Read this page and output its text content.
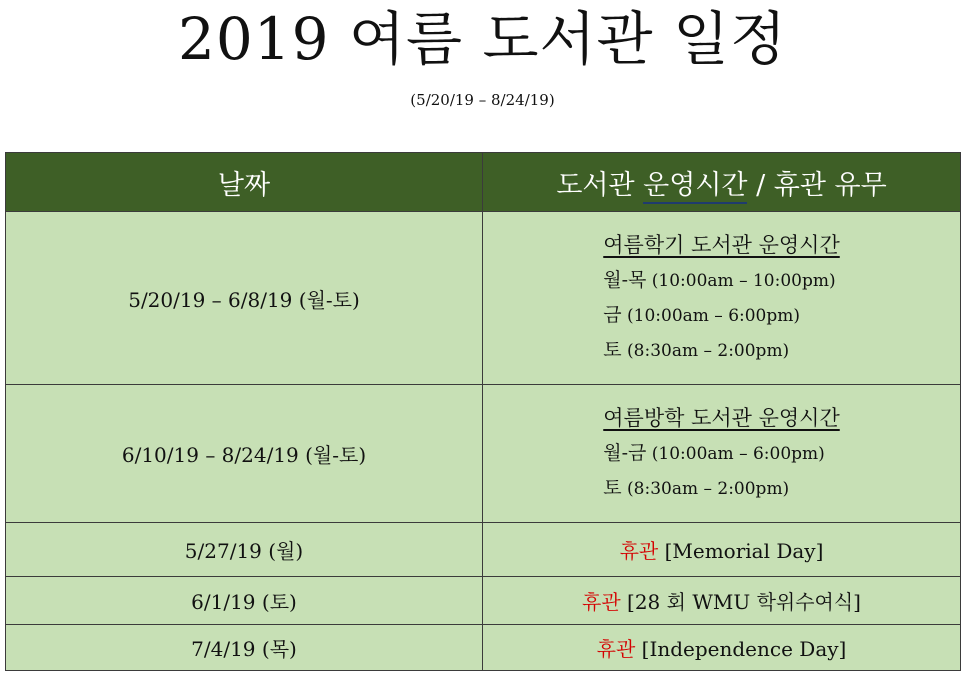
2019 여름 도서관 일정
(5/20/19 – 8/24/19)
날짜	도서관 운영시간 / 휴관 유무
5/20/19 – 6/8/19 (월-토)	여름학기 도서관 운영시간
월-목 (10:00am – 10:00pm)
금 (10:00am – 6:00pm)
토 (8:30am – 2:00pm)

6/10/19 – 8/24/19 (월-토)	여름방학 도서관 운영시간
월-금 (10:00am – 6:00pm)
토 (8:30am – 2:00pm)

5/27/19 (월)	휴관 [Memorial Day]
6/1/19 (토)	휴관 [28 회 WMU 학위수여식]
7/4/19 (목)	휴관 [Independence Day]
